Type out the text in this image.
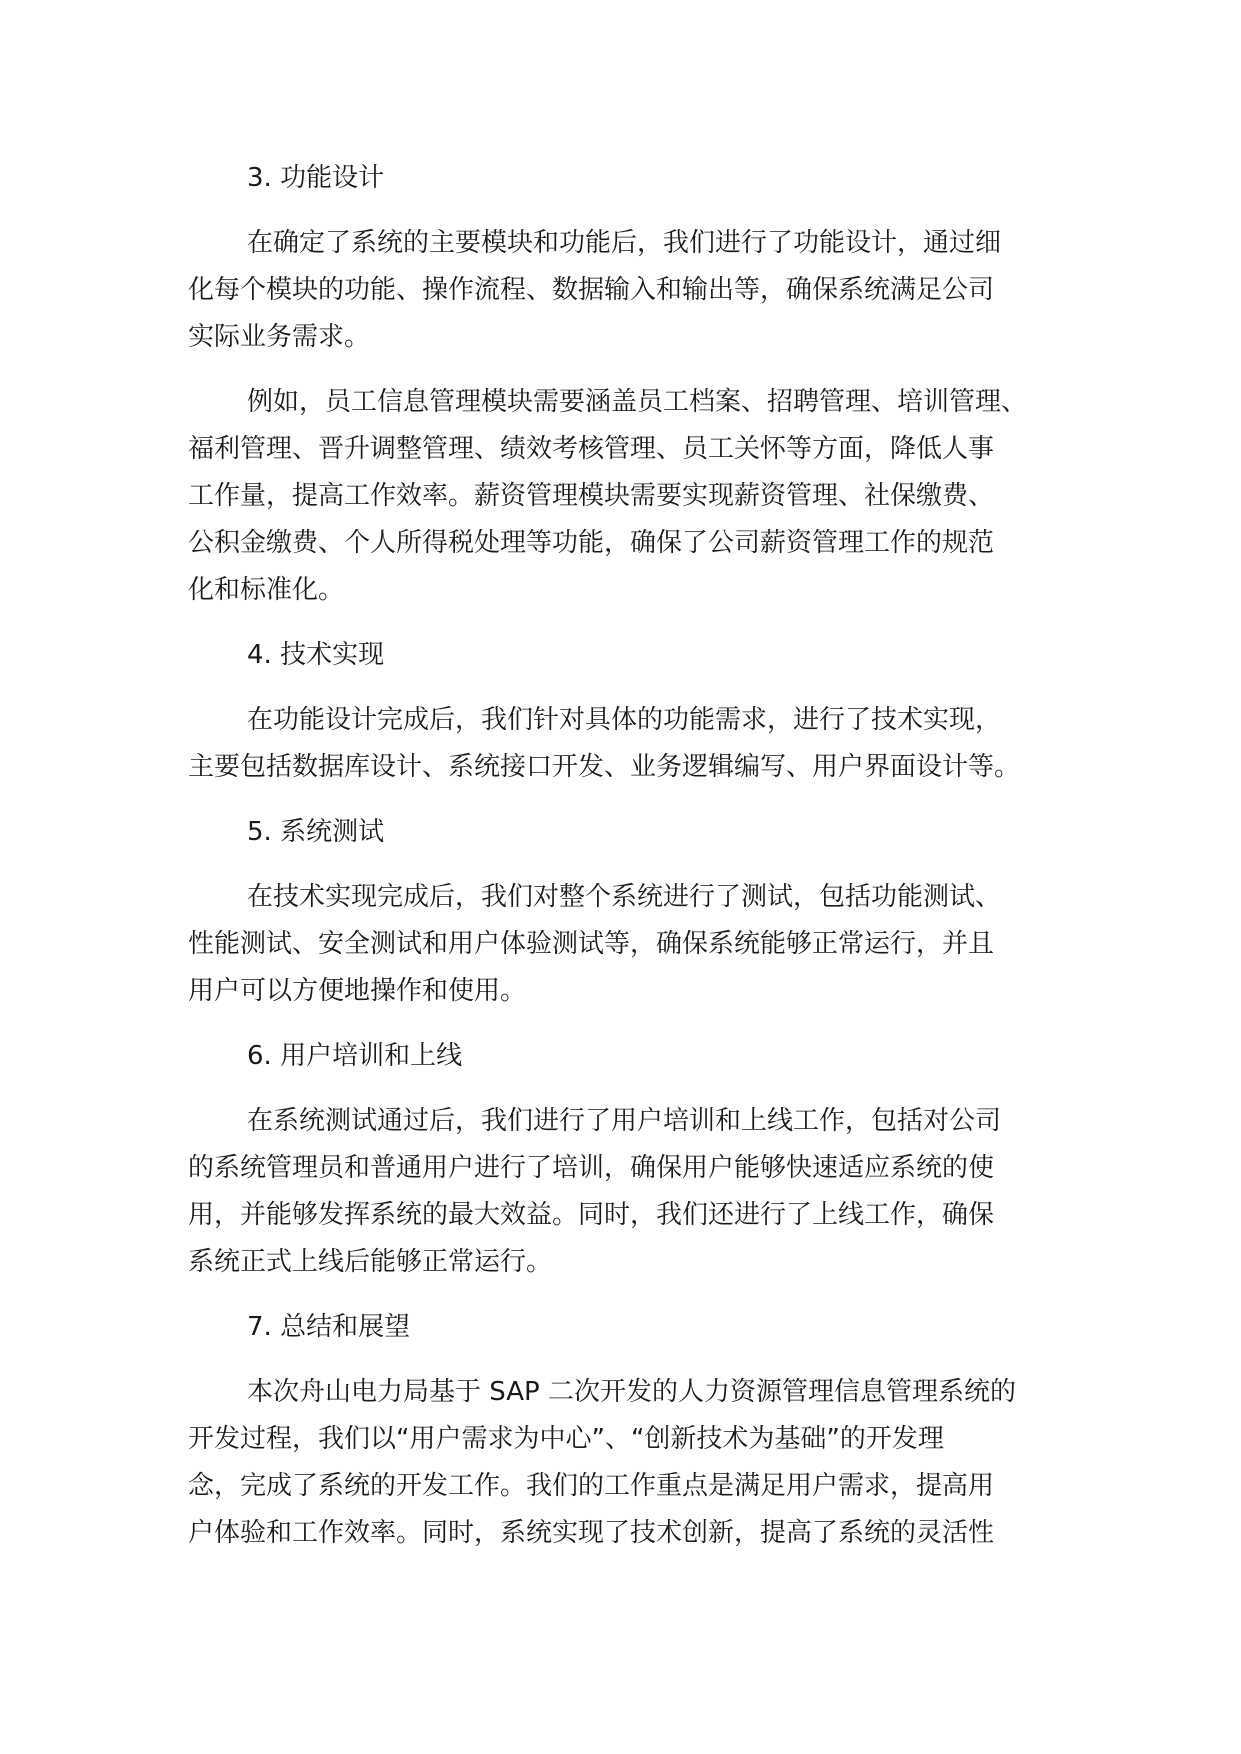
3. 功能设计
在确定了系统的主要模块和功能后，我们进行了功能设计，通过细
化每个模块的功能、操作流程、数据输入和输出等，确保系统满足公司
实际业务需求。
例如，员工信息管理模块需要涵盖员工档案、招聘管理、培训管理、
福利管理、晋升调整管理、绩效考核管理、员工关怀等方面，降低人事
工作量，提高工作效率。薪资管理模块需要实现薪资管理、社保缴费、
公积金缴费、个人所得税处理等功能，确保了公司薪资管理工作的规范
化和标准化。
4. 技术实现
在功能设计完成后，我们针对具体的功能需求，进行了技术实现，
主要包括数据库设计、系统接口开发、业务逻辑编写、用户界面设计等。
5. 系统测试
在技术实现完成后，我们对整个系统进行了测试，包括功能测试、
性能测试、安全测试和用户体验测试等，确保系统能够正常运行，并且
用户可以方便地操作和使用。
6. 用户培训和上线
在系统测试通过后，我们进行了用户培训和上线工作，包括对公司
的系统管理员和普通用户进行了培训，确保用户能够快速适应系统的使
用，并能够发挥系统的最大效益。同时，我们还进行了上线工作，确保
系统正式上线后能够正常运行。
7. 总结和展望
本次舟山电力局基于 SAP 二次开发的人力资源管理信息管理系统的
开发过程，我们以“用户需求为中心”、“创新技术为基础”的开发理
念，完成了系统的开发工作。我们的工作重点是满足用户需求，提高用
户体验和工作效率。同时，系统实现了技术创新，提高了系统的灵活性
